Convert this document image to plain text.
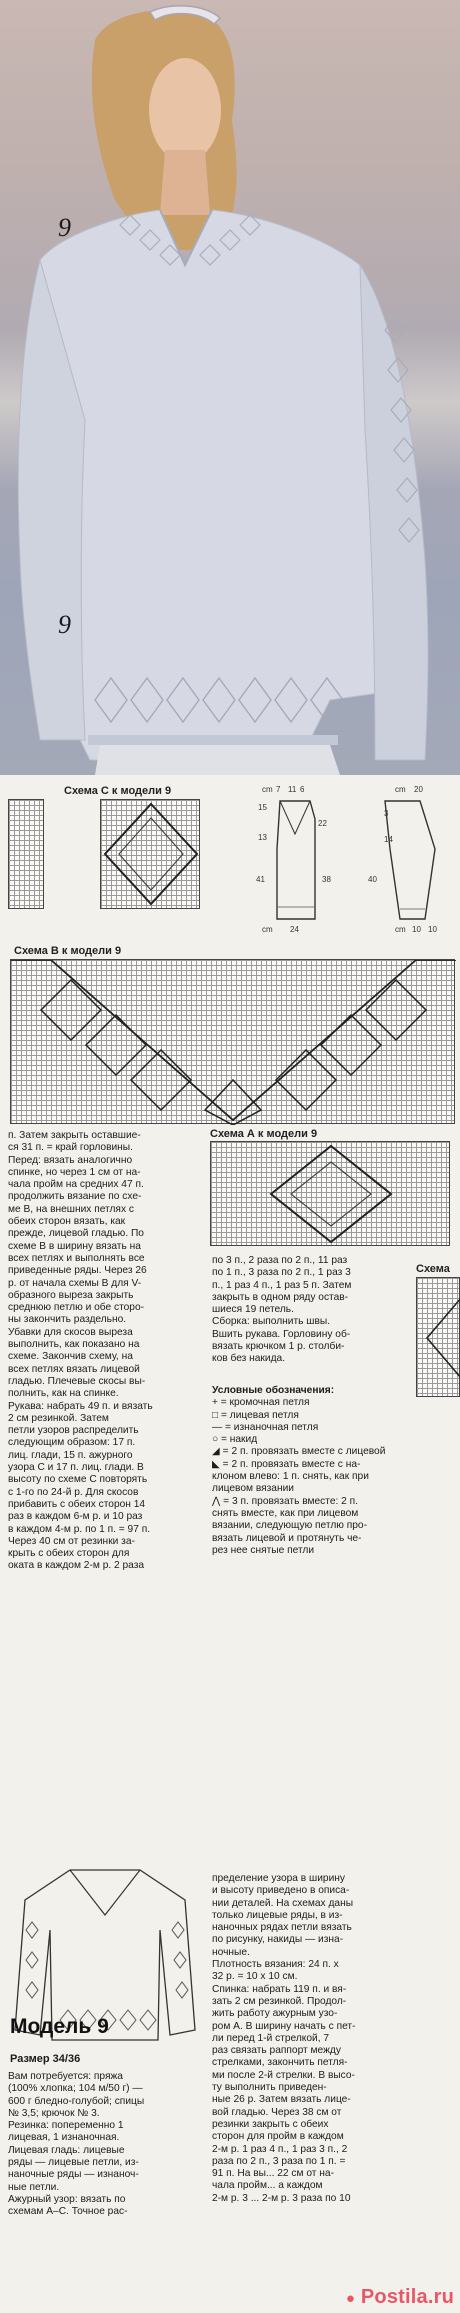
9
9
Схема С к модели 9	cm 7 11 6	cm 20
15
22
13
41	38	40
3
14
24
cm	cm 10 10
Схема В к модели 9
Схема А к модели 9
Схема

п. Затем закрыть оставшие-

ся 31 п. = край горловины.

Перед: вязать аналогично

спинке, но через 1 см от на-

чала пройм на средних 47 п.

продолжить вязание по схе-

ме В, на внешних петлях с

обеих сторон вязать, как

прежде, лицевой гладью. По

схеме В в ширину вязать на

всех петлях и выполнять все

приведенные ряды. Через 26

р. от начала схемы В для V-

образного выреза закрыть

среднюю петлю и обе сторо-

ны закончить раздельно.

Убавки для скосов выреза

выполнить, как показано на

схеме. Закончив схему, на

всех петлях вязать лицевой

гладью. Плечевые скосы вы-

полнить, как на спинке.

Рукава: набрать 49 п. и вязать

2 см резинкой. Затем

петли узоров распределить

следующим образом: 17 п.

лиц. глади, 15 п. ажурного

узора С и 17 п. лиц. глади. В

высоту по схеме С повторять

с 1-го по 24-й р. Для скосов

прибавить с обеих сторон 14

раз в каждом 6-м р. и 10 раз

в каждом 4-м р. по 1 п. = 97 п.

Через 40 см от резинки за-

крыть с обеих сторон для

окатa в каждом 2-м р. 2 раза

по 3 п., 2 раза по 2 п., 11 раз

по 1 п., 3 раза по 2 п., 1 раз 3

п., 1 раз 4 п., 1 раз 5 п. Затем

закрыть в одном ряду остав-

шиеся 19 петель.

Сборка: выполнить швы.

Вшить рукава. Горловину об-

вязать крючком 1 р. столби-

ков без накида.

Условные обозначения:

+ = кромочная петля

□ = лицевая петля

— = изнаночная петля

○ = накид

◢ = 2 п. провязать вместе с лицевой

◣ = 2 п. провязать вместе с на-

клоном влево: 1 п. снять, как при

лицевом вязании

⋀ = 3 п. провязать вместе: 2 п.

снять вместе, как при лицевом

вязании, следующую петлю про-

вязать лицевой и протянуть че-

рез нее снятые петли

Модель 9
Размер 34/36

Вам потребуется: пряжа

(100% хлопка; 104 м/50 г) —

600 г бледно-голубой; спицы

№ 3,5; крючок № 3.

Резинка: попеременно 1

лицевая, 1 изнаночная.

Лицевая гладь: лицевые

ряды — лицевые петли, из-

наночные ряды — изнаноч-

ные петли.

Ажурный узор: вязать по

схемам А–С. Точное рас-

пределение узора в ширину

и высоту приведено в описа-

нии деталей. На схемах даны

только лицевые ряды, в из-

наночных рядах петли вязать

по рисунку, накиды — изна-

ночные.

Плотность вязания: 24 п. х

32 р. = 10 х 10 см.

Спинка: набрать 119 п. и вя-

зать 2 см резинкой. Продол-

жить работу ажурным узо-

ром А. В ширину начать с пет-

ли перед 1-й стрелкой, 7

раз связать раппорт между

стрелками, закончить петля-

ми после 2-й стрелки. В высо-

ту выполнить приведен-

ные 26 р. Затем вязать лице-

вой гладью. Через 38 см от

резинки закрыть с обеих

сторон для пройм в каждом

2-м р. 1 раз 4 п., 1 раз 3 п., 2

раза по 2 п., 3 раза по 1 п. =

91 п. На вы... 22 см от на-

чала пройм... а каждом

2-м р. 3 ... 2-м р. 3 раза по 10

● Postila.ru
